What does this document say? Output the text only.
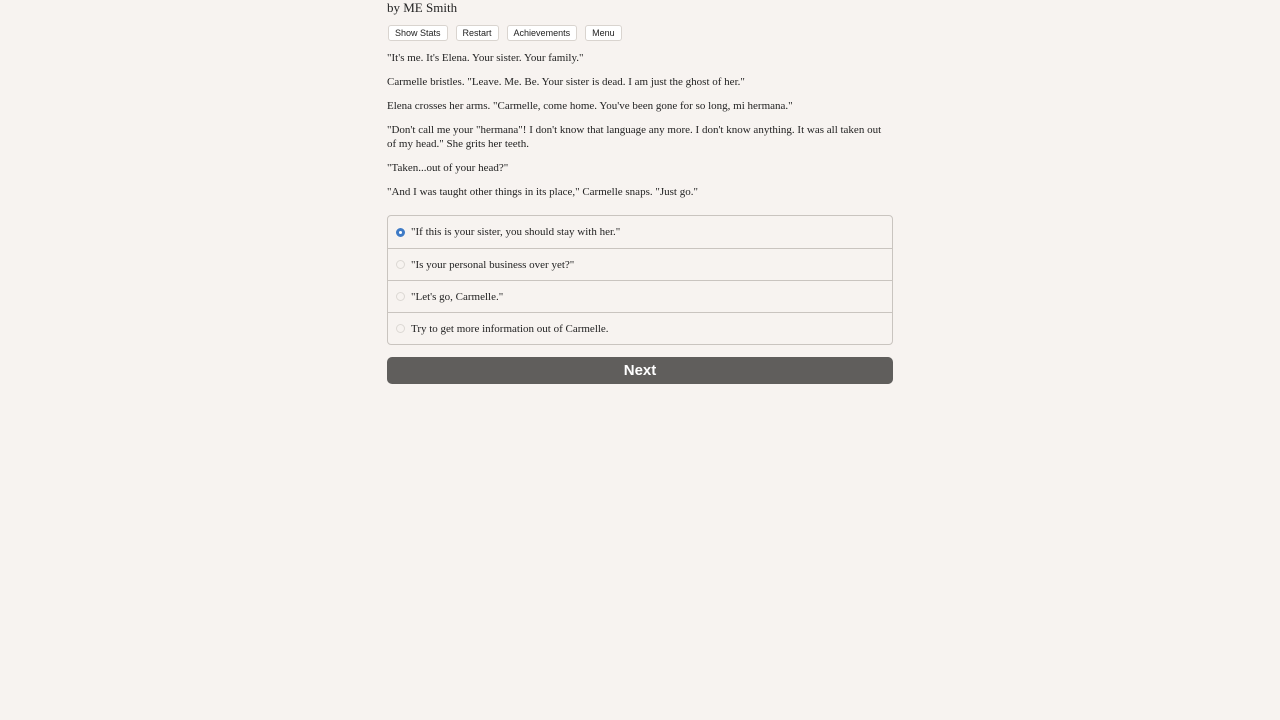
by ME Smith
Show Stats	Restart	Achievements	Menu

"It's me. It's Elena. Your sister. Your family."

Carmelle bristles. "Leave. Me. Be. Your sister is dead. I am just the ghost of her."

Elena crosses her arms. "Carmelle, come home. You've been gone for so long, mi hermana."

"Don't call me your "hermana"! I don't know that language any more. I don't know anything. It was all taken out of my head." She grits her teeth.

"Taken...out of your head?"

"And I was taught other things in its place," Carmelle snaps. "Just go."

"If this is your sister, you should stay with her."
"Is your personal business over yet?"
"Let's go, Carmelle."
Try to get more information out of Carmelle.
Next
